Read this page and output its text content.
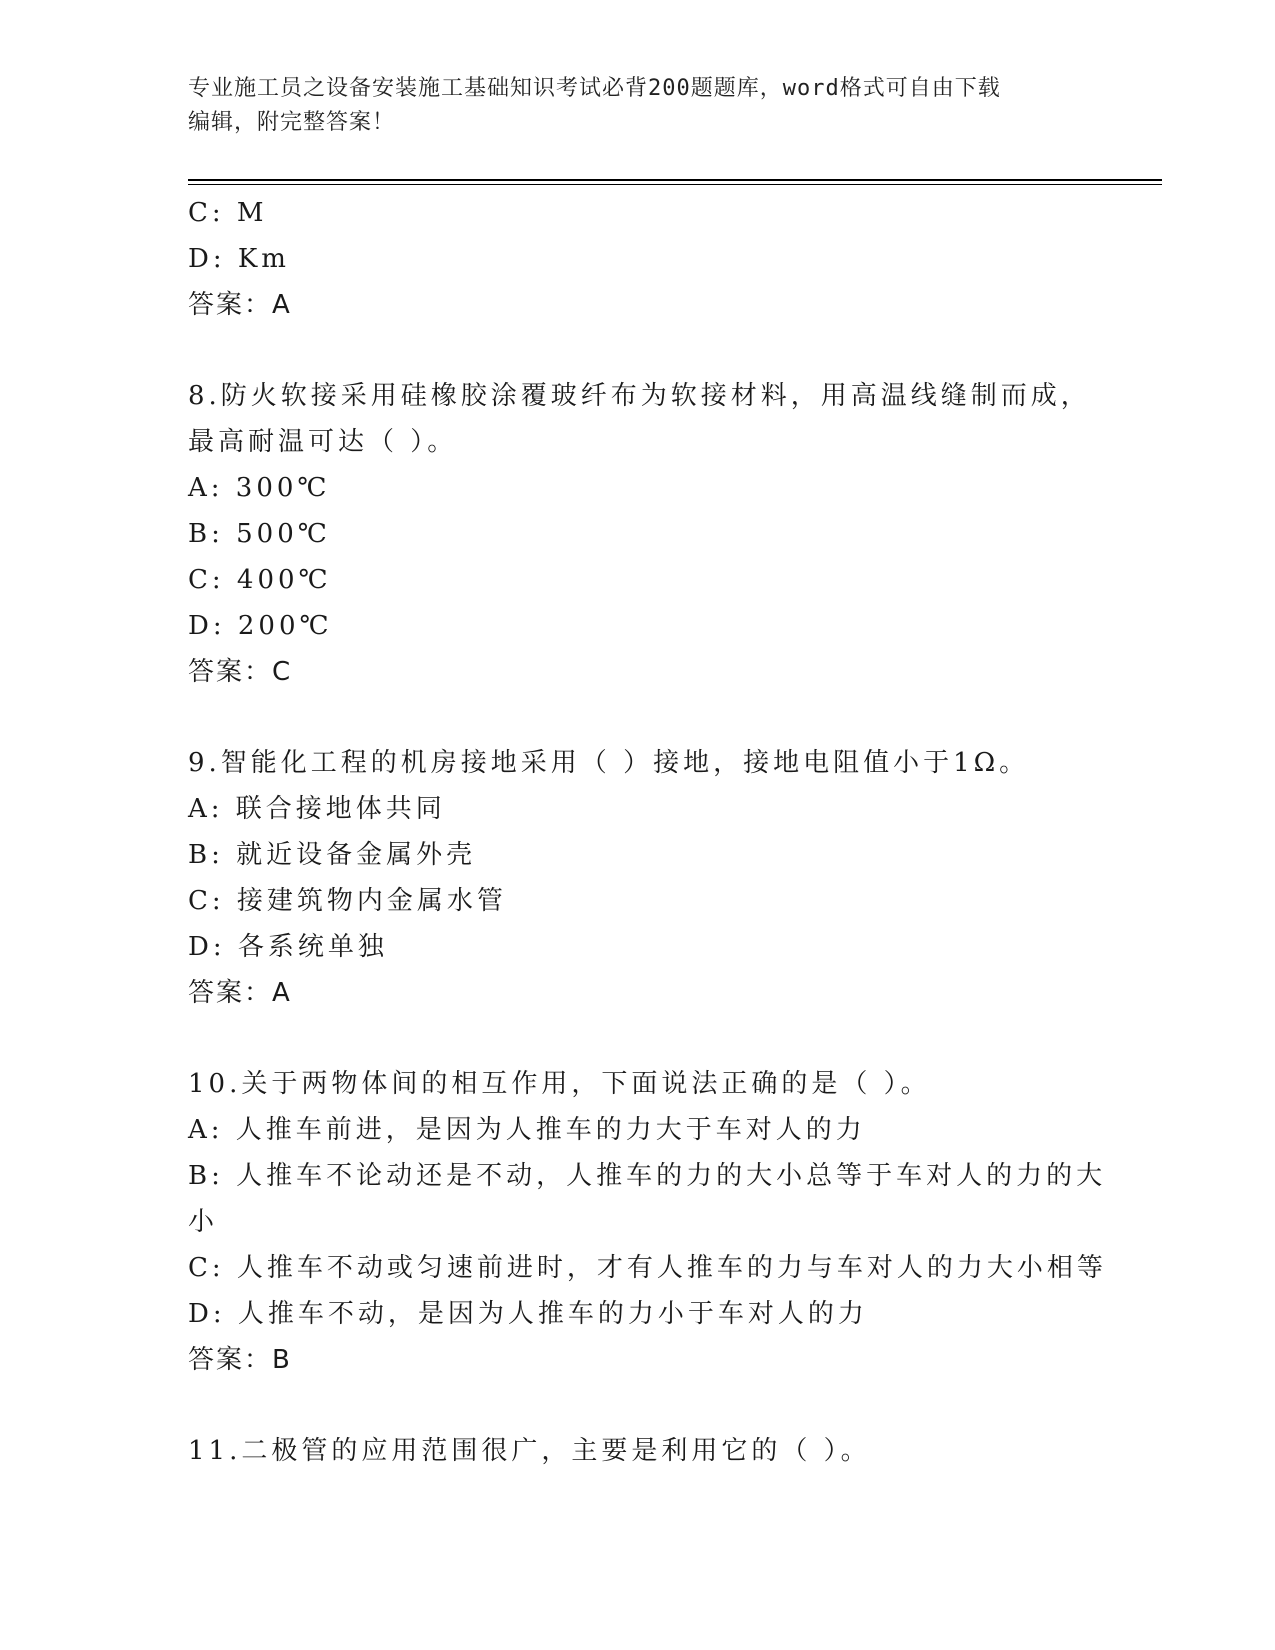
专业施工员之设备安装施工基础知识考试必背200题题库，word格式可自由下载
编辑，附完整答案！
C: M
D: Km
答案：A
8.防火软接采用硅橡胶涂覆玻纤布为软接材料，用高温线缝制而成，
最高耐温可达（ ）。
A: 300℃
B: 500℃
C: 400℃
D: 200℃
答案：C
9.智能化工程的机房接地采用（ ）接地，接地电阻值小于1Ω。
A: 联合接地体共同
B: 就近设备金属外壳
C: 接建筑物内金属水管
D: 各系统单独
答案：A
10.关于两物体间的相互作用，下面说法正确的是（ ）。
A: 人推车前进，是因为人推车的力大于车对人的力
B: 人推车不论动还是不动，人推车的力的大小总等于车对人的力的大
小
C: 人推车不动或匀速前进时，才有人推车的力与车对人的力大小相等
D: 人推车不动，是因为人推车的力小于车对人的力
答案：B
11.二极管的应用范围很广，主要是利用它的（ ）。
